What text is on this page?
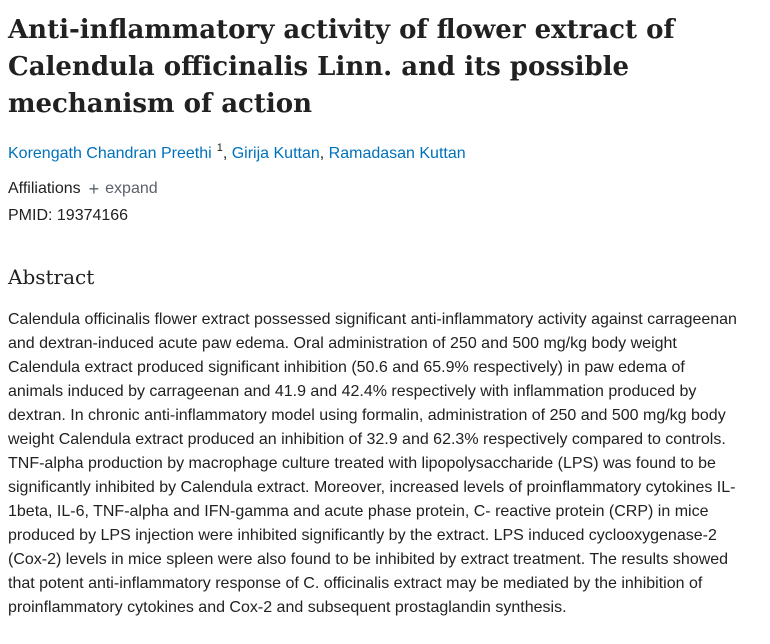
Anti-inflammatory activity of flower extract of Calendula officinalis Linn. and its possible mechanism of action
Korengath Chandran Preethi $^1$, Girija Kuttan, Ramadasan Kuttan
Affiliations + expand
PMID: 19374166
Abstract

Calendula officinalis flower extract possessed significant anti-inflammatory activity against carrageenan and dextran-induced acute paw edema. Oral administration of 250 and 500 mg/kg body weight Calendula extract produced significant inhibition (50.6 and 65.9% respectively) in paw edema of animals induced by carrageenan and 41.9 and 42.4% respectively with inflammation produced by dextran. In chronic anti-inflammatory model using formalin, administration of 250 and 500 mg/kg body weight Calendula extract produced an inhibition of 32.9 and 62.3% respectively compared to controls. TNF-alpha production by macrophage culture treated with lipopolysaccharide (LPS) was found to be significantly inhibited by Calendula extract. Moreover, increased levels of proinflammatory cytokines IL- 1beta, IL-6, TNF-alpha and IFN-gamma and acute phase protein, C- reactive protein (CRP) in mice produced by LPS injection were inhibited significantly by the extract. LPS induced cyclooxygenase-2 (Cox-2) levels in mice spleen were also found to be inhibited by extract treatment. The results showed that potent anti-inflammatory response of C. officinalis extract may be mediated by the inhibition of proinflammatory cytokines and Cox-2 and subsequent prostaglandin synthesis.
